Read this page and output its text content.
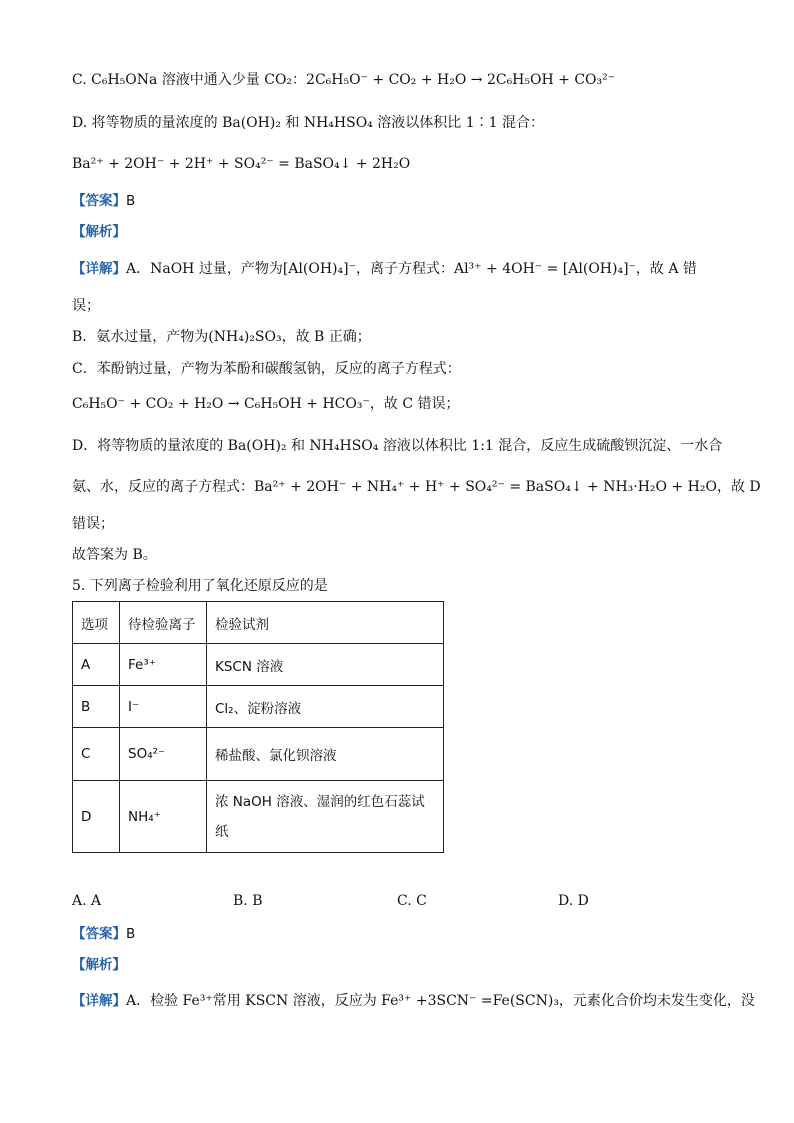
C. C₆H₅ONa 溶液中通入少量 CO₂：2C₆H₅O⁻ + CO₂ + H₂O → 2C₆H₅OH + CO₃²⁻
D. 将等物质的量浓度的 Ba(OH)₂ 和 NH₄HSO₄ 溶液以体积比 1∶1 混合：
Ba²⁺ + 2OH⁻ + 2H⁺ + SO₄²⁻ = BaSO₄↓ + 2H₂O
【答案】B
【解析】
【详解】A．NaOH 过量，产物为[Al(OH)₄]⁻，离子方程式：Al³⁺ + 4OH⁻ = [Al(OH)₄]⁻，故 A 错
误；
B．氨水过量，产物为(NH₄)₂SO₃，故 B 正确；
C．苯酚钠过量，产物为苯酚和碳酸氢钠，反应的离子方程式：
C₆H₅O⁻ + CO₂ + H₂O → C₆H₅OH + HCO₃⁻，故 C 错误；
D．将等物质的量浓度的 Ba(OH)₂ 和 NH₄HSO₄ 溶液以体积比 1:1 混合，反应生成硫酸钡沉淀、一水合
氨、水，反应的离子方程式：Ba²⁺ + 2OH⁻ + NH₄⁺ + H⁺ + SO₄²⁻ = BaSO₄↓ + NH₃·H₂O + H₂O，故 D
错误；
故答案为 B。
5. 下列离子检验利用了氧化还原反应的是
选项	待检验离子	检验试剂
A	Fe³⁺	KSCN 溶液
B	I⁻	Cl₂、淀粉溶液
C	SO₄²⁻	稀盐酸、氯化钡溶液
D	NH₄⁺	浓 NaOH 溶液、湿润的红色石蕊试
纸
A. A	B. B	C. C	D. D
【答案】B
【解析】
【详解】A．检验 Fe³⁺常用 KSCN 溶液，反应为 Fe³⁺ +3SCN⁻ =Fe(SCN)₃，元素化合价均未发生变化，没
